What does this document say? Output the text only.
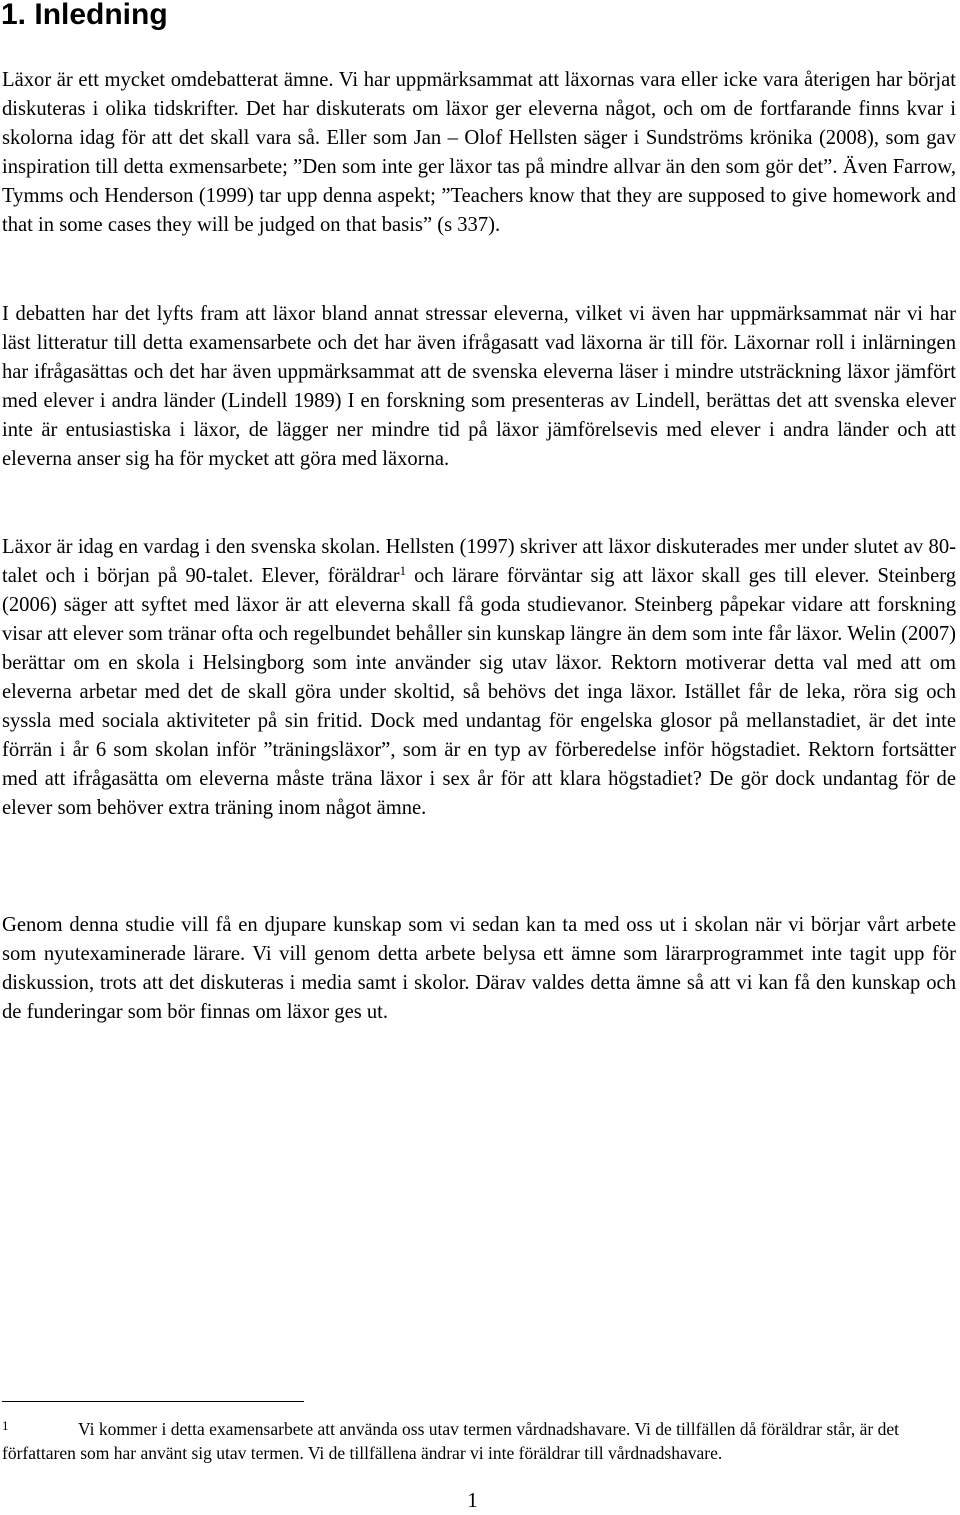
1. Inledning

Läxor är ett mycket omdebatterat ämne. Vi har uppmärksammat att läxornas vara eller icke vara återigen har börjat diskuteras i olika tidskrifter. Det har diskuterats om läxor ger eleverna något, och om de fortfarande finns kvar i skolorna idag för att det skall vara så. Eller som Jan – Olof Hellsten säger i Sundströms krönika (2008), som gav inspiration till detta exmensarbete; ”Den som inte ger läxor tas på mindre allvar än den som gör det”. Även Farrow, Tymms och Henderson (1999) tar upp denna aspekt; ”Teachers know that they are supposed to give homework and that in some cases they will be judged on that basis” (s 337).

I debatten har det lyfts fram att läxor bland annat stressar eleverna, vilket vi även har uppmärksammat när vi har läst litteratur till detta examensarbete och det har även ifrågasatt vad läxorna är till för. Läxornar roll i inlärningen har ifrågasättas och det har även uppmärksammat att de svenska eleverna läser i mindre utsträckning läxor jämfört med elever i andra länder (Lindell 1989) I en forskning som presenteras av Lindell, berättas det att svenska elever inte är entusiastiska i läxor, de lägger ner mindre tid på läxor jämförelsevis med elever i andra länder och att eleverna anser sig ha för mycket att göra med läxorna.

Läxor är idag en vardag i den svenska skolan. Hellsten (1997) skriver att läxor diskuterades mer under slutet av 80-talet och i början på 90-talet. Elever, föräldrar$^1$ och lärare förväntar sig att läxor skall ges till elever. Steinberg (2006) säger att syftet med läxor är att eleverna skall få goda studievanor. Steinberg påpekar vidare att forskning visar att elever som tränar ofta och regelbundet behåller sin kunskap längre än dem som inte får läxor. Welin (2007) berättar om en skola i Helsingborg som inte använder sig utav läxor. Rektorn motiverar detta val med att om eleverna arbetar med det de skall göra under skoltid, så behövs det inga läxor. Istället får de leka, röra sig och syssla med sociala aktiviteter på sin fritid. Dock med undantag för engelska glosor på mellanstadiet, är det inte förrän i år 6 som skolan inför ”träningsläxor”, som är en typ av förberedelse inför högstadiet. Rektorn fortsätter med att ifrågasätta om eleverna måste träna läxor i sex år för att klara högstadiet? De gör dock undantag för de elever som behöver extra träning inom något ämne.

Genom denna studie vill få en djupare kunskap som vi sedan kan ta med oss ut i skolan när vi börjar vårt arbete som nyutexaminerade lärare. Vi vill genom detta arbete belysa ett ämne som lärarprogrammet inte tagit upp för diskussion, trots att det diskuteras i media samt i skolor. Därav valdes detta ämne så att vi kan få den kunskap och de funderingar som bör finnas om läxor ges ut.

1	Vi kommer i detta examensarbete att använda oss utav termen vårdnadshavare. Vi de tillfällen då föräldrar står, är det författaren som har använt sig utav termen. Vi de tillfällena ändrar vi inte föräldrar till vårdnadshavare.

1
